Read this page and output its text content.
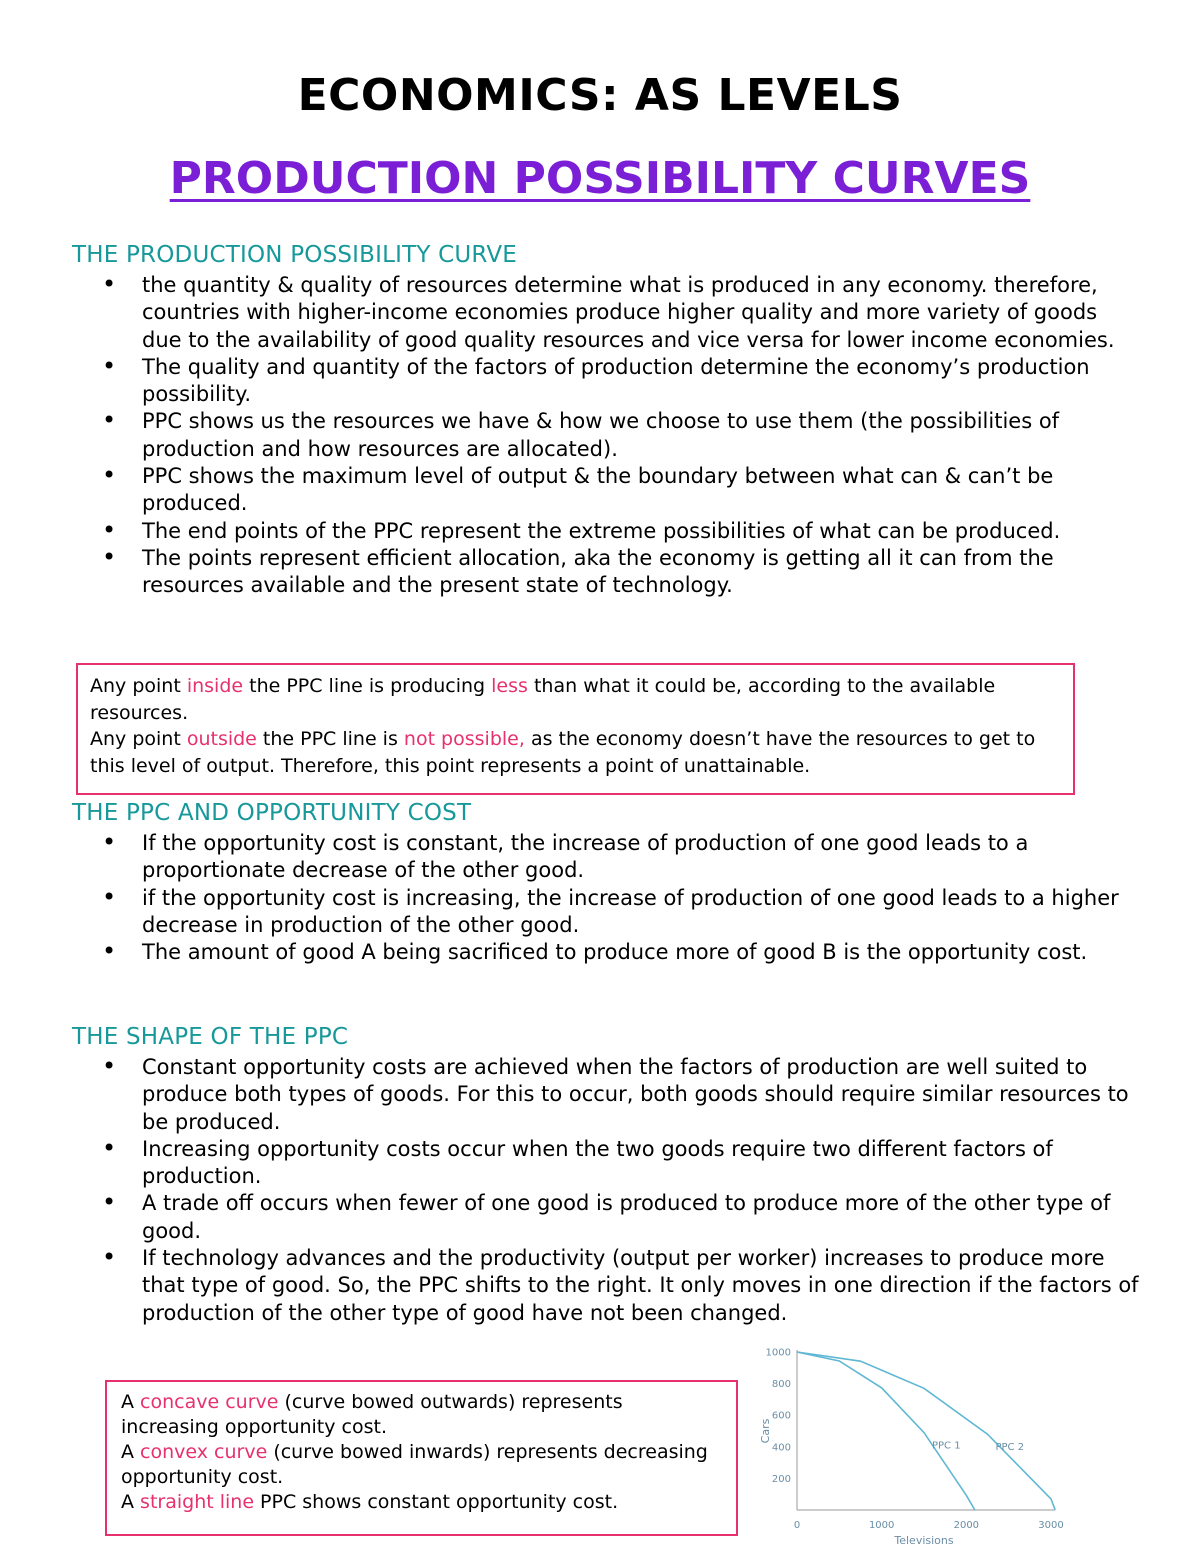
ECONOMICS: AS LEVELS
PRODUCTION POSSIBILITY CURVES
THE PRODUCTION POSSIBILITY CURVE
• the quantity & quality of resources determine what is produced in any economy. therefore, countries with higher-income economies produce higher quality and more variety of goods due to the availability of good quality resources and vice versa for lower income economies.
• The quality and quantity of the factors of production determine the economy’s production possibility.
• PPC shows us the resources we have & how we choose to use them (the possibilities of production and how resources are allocated).
• PPC shows the maximum level of output & the boundary between what can & can’t be produced.
• The end points of the PPC represent the extreme possibilities of what can be produced.
• The points represent efficient allocation, aka the economy is getting all it can from the resources available and the present state of technology.
Any point inside the PPC line is producing less than what it could be, according to the available resources.
Any point outside the PPC line is not possible, as the economy doesn’t have the resources to get to this level of output. Therefore, this point represents a point of unattainable.
THE PPC AND OPPORTUNITY COST
• If the opportunity cost is constant, the increase of production of one good leads to a proportionate decrease of the other good.
• if the opportunity cost is increasing, the increase of production of one good leads to a higher decrease in production of the other good.
• The amount of good A being sacrificed to produce more of good B is the opportunity cost.
THE SHAPE OF THE PPC
• Constant opportunity costs are achieved when the factors of production are well suited to produce both types of goods. For this to occur, both goods should require similar resources to be produced.
• Increasing opportunity costs occur when the two goods require two different factors of production.
• A trade off occurs when fewer of one good is produced to produce more of the other type of good.
• If technology advances and the productivity (output per worker) increases to produce more that type of good. So, the PPC shifts to the right. It only moves in one direction if the factors of production of the other type of good have not been changed.
A concave curve (curve bowed outwards) represents increasing opportunity cost.
A convex curve (curve bowed inwards) represents decreasing opportunity cost.
A straight line PPC shows constant opportunity cost.
200
400
600
800
1000
0	1000	2000	3000
Cars
Televisions
PPC 1	PPC 2
